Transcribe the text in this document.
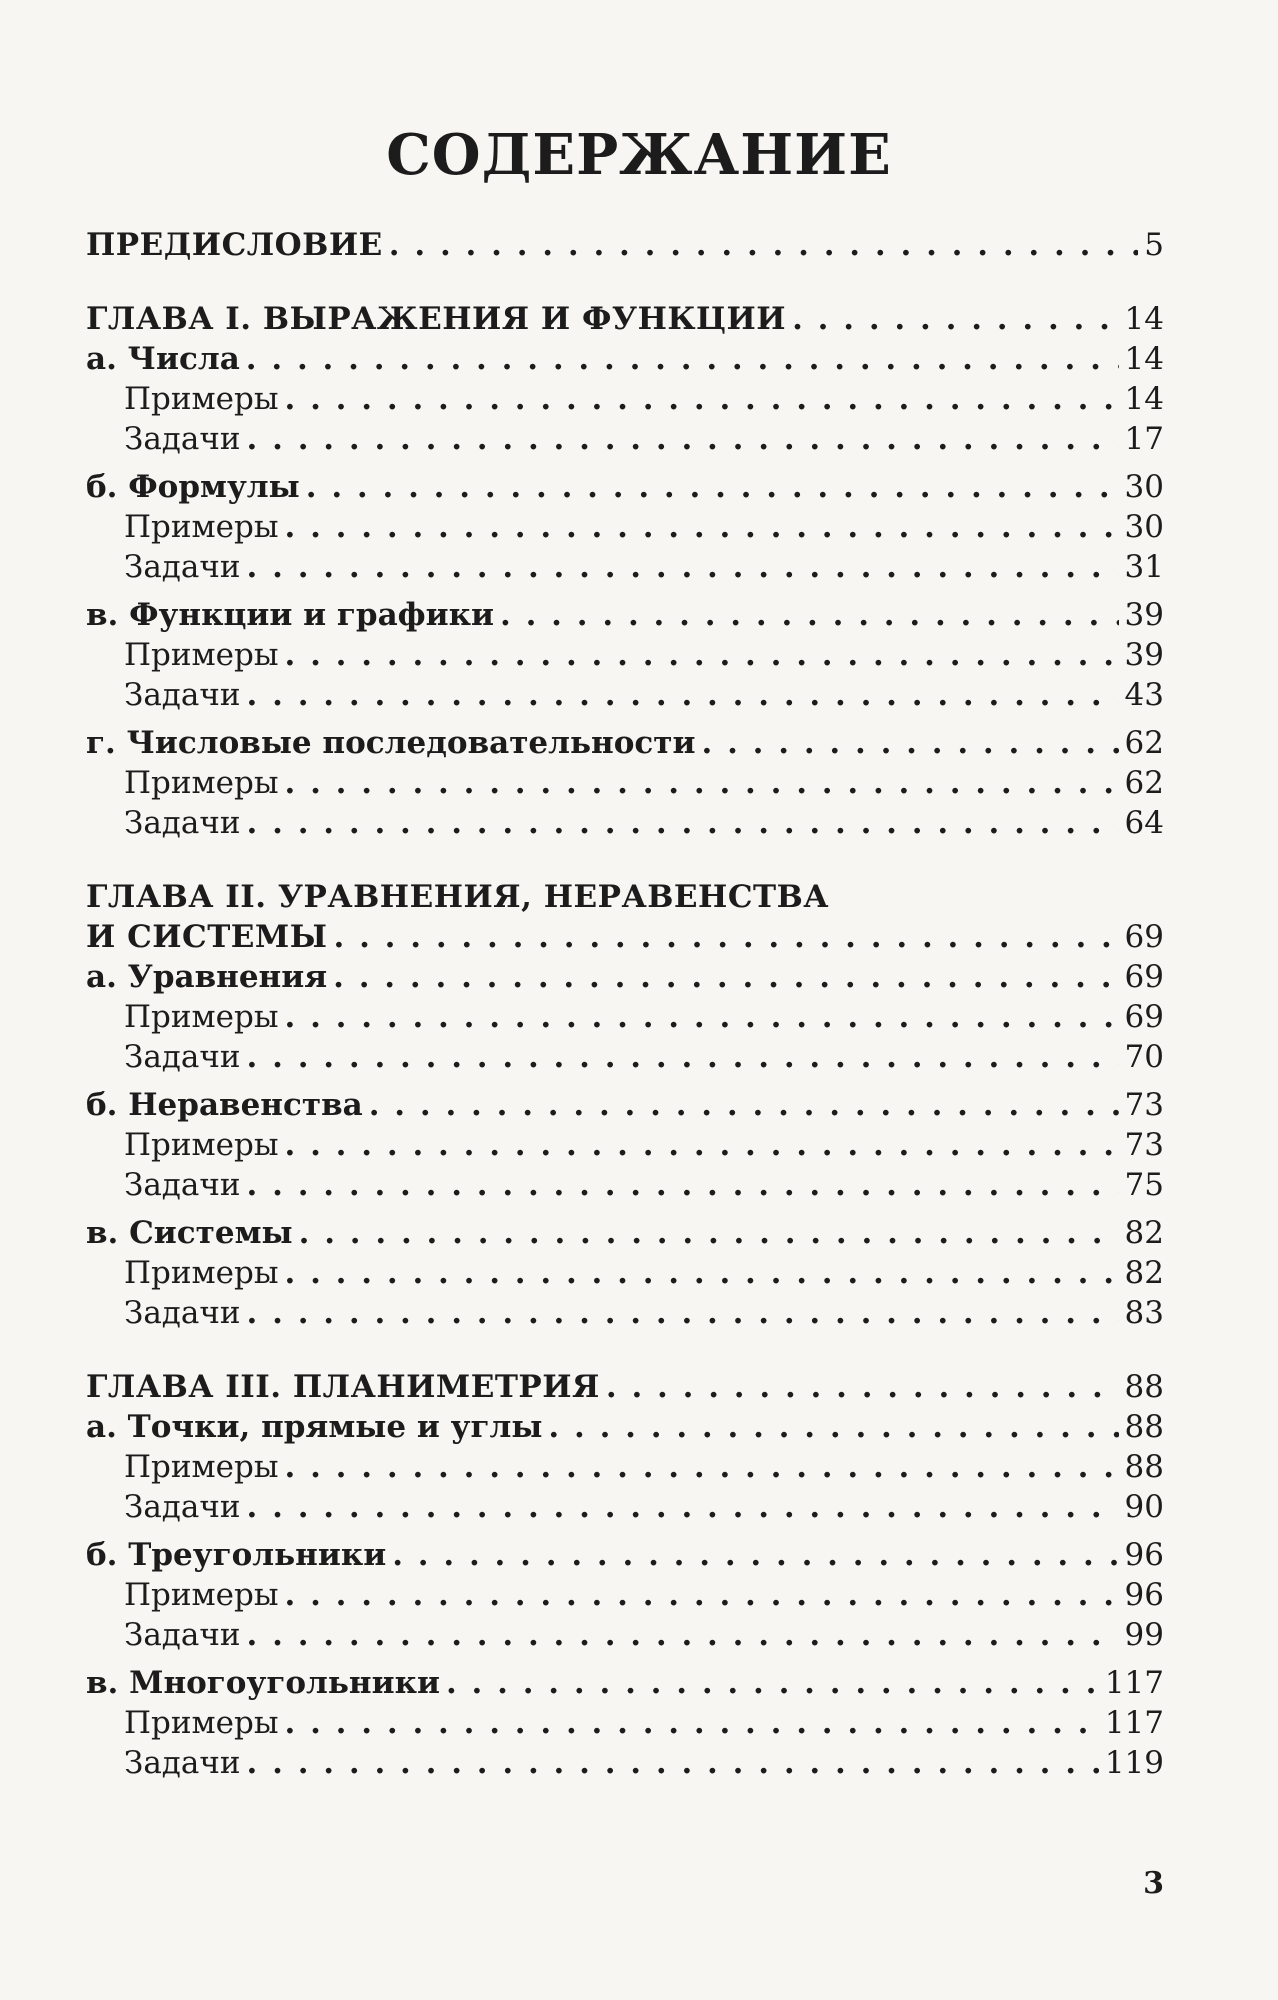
СОДЕРЖАНИЕ
ПРЕДИСЛОВИЕ . . .	5
ГЛАВА I. ВЫРАЖЕНИЯ И ФУНКЦИИ . . .	14
а. Числа . . .	14
Примеры . . .	14
Задачи . . .	17
б. Формулы . . .	30
Примеры . . .	30
Задачи . . .	31
в. Функции и графики . . .	39
Примеры . . .	39
Задачи . . .	43
г. Числовые последовательности . . .	62
Примеры . . .	62
Задачи . . .	64
ГЛАВА II. УРАВНЕНИЯ, НЕРАВЕНСТВА
И СИСТЕМЫ . . .	69
а. Уравнения . . .	69
Примеры . . .	69
Задачи . . .	70
б. Неравенства . . .	73
Примеры . . .	73
Задачи . . .	75
в. Системы . . .	82
Примеры . . .	82
Задачи . . .	83
ГЛАВА III. ПЛАНИМЕТРИЯ . . .	88
а. Точки, прямые и углы . . .	88
Примеры . . .	88
Задачи . . .	90
б. Треугольники . . .	96
Примеры . . .	96
Задачи . . .	99
в. Многоугольники . . .	117
Примеры . . .	117
Задачи . . .	119
3
